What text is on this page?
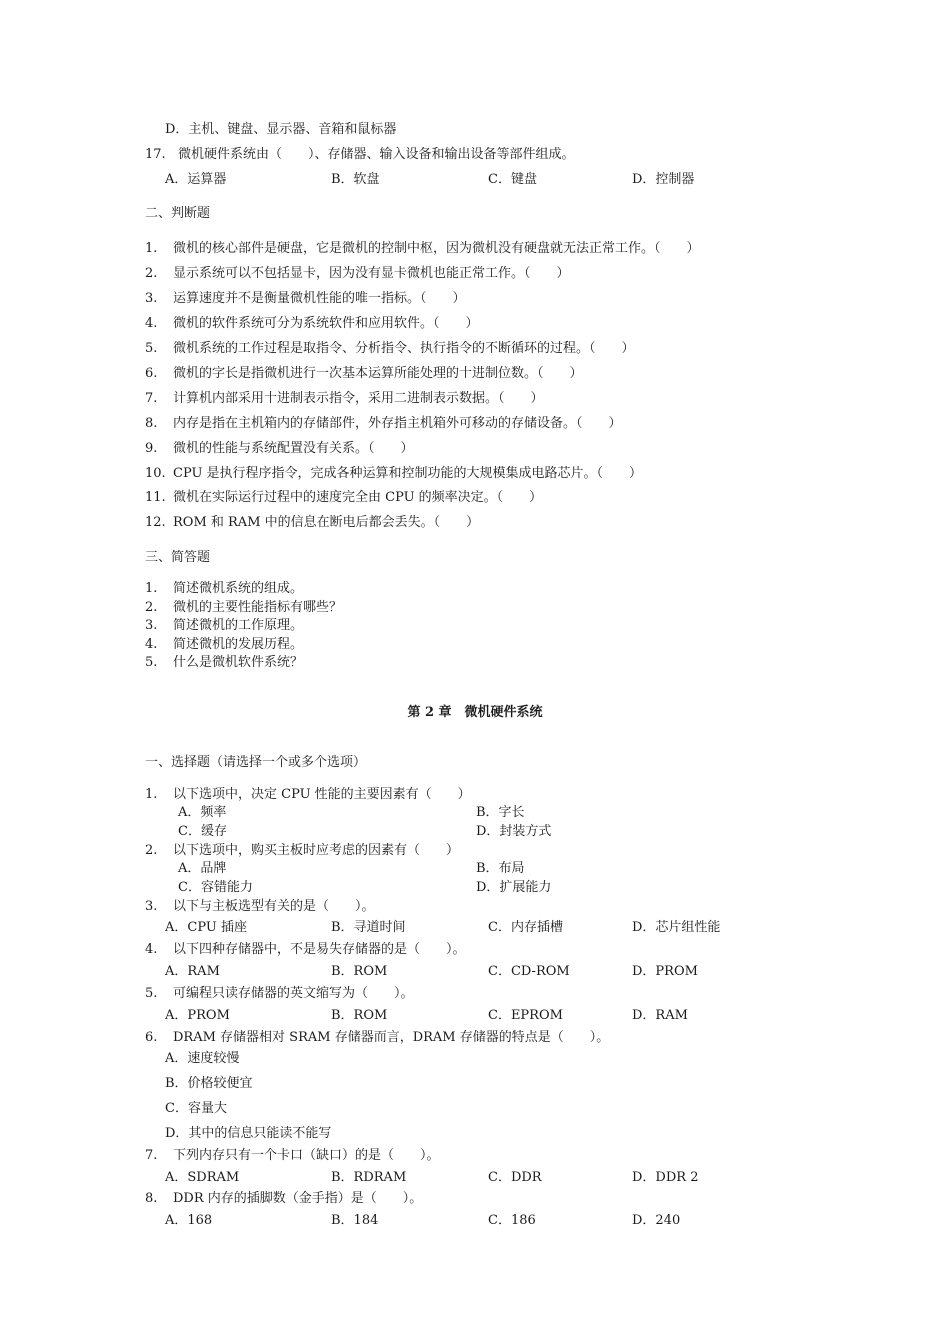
D．主机、键盘、显示器、音箱和鼠标器
17. 微机硬件系统由（　　）、存储器、输入设备和输出设备等部件组成。
A．运算器	B．软盘	C．键盘	D．控制器
二、判断题
1. 微机的核心部件是硬盘，它是微机的控制中枢，因为微机没有硬盘就无法正常工作。（　　）
2. 显示系统可以不包括显卡，因为没有显卡微机也能正常工作。（　　）
3. 运算速度并不是衡量微机性能的唯一指标。（　　）
4. 微机的软件系统可分为系统软件和应用软件。（　　）
5. 微机系统的工作过程是取指令、分析指令、执行指令的不断循环的过程。（　　）
6. 微机的字长是指微机进行一次基本运算所能处理的十进制位数。（　　）
7. 计算机内部采用十进制表示指令，采用二进制表示数据。（　　）
8. 内存是指在主机箱内的存储部件，外存指主机箱外可移动的存储设备。（　　）
9. 微机的性能与系统配置没有关系。（　　）
10. CPU 是执行程序指令，完成各种运算和控制功能的大规模集成电路芯片。（　　）
11. 微机在实际运行过程中的速度完全由 CPU 的频率决定。（　　）
12. ROM 和 RAM 中的信息在断电后都会丢失。（　　）
三、简答题
1. 简述微机系统的组成。
2. 微机的主要性能指标有哪些？
3. 简述微机的工作原理。
4. 简述微机的发展历程。
5. 什么是微机软件系统？
第 2 章　微机硬件系统
一、选择题（请选择一个或多个选项）
1. 以下选项中，决定 CPU 性能的主要因素有（　　）
A．频率	B．字长
C．缓存	D．封装方式
2. 以下选项中，购买主板时应考虑的因素有（　　）
A．品牌	B．布局
C．容错能力	D．扩展能力
3. 以下与主板选型有关的是（　　）。
A．CPU 插座	B．寻道时间	C．内存插槽	D．芯片组性能
4. 以下四种存储器中，不是易失存储器的是（　　）。
A．RAM	B．ROM	C．CD-ROM	D．PROM
5. 可编程只读存储器的英文缩写为（　　）。
A．PROM	B．ROM	C．EPROM	D．RAM
6. DRAM 存储器相对 SRAM 存储器而言，DRAM 存储器的特点是（　　）。
A．速度较慢
B．价格较便宜
C．容量大
D．其中的信息只能读不能写
7. 下列内存只有一个卡口（缺口）的是（　　）。
A．SDRAM	B．RDRAM	C．DDR	D．DDR 2
8. DDR 内存的插脚数（金手指）是（　　）。
A．168	B．184	C．186	D．240
